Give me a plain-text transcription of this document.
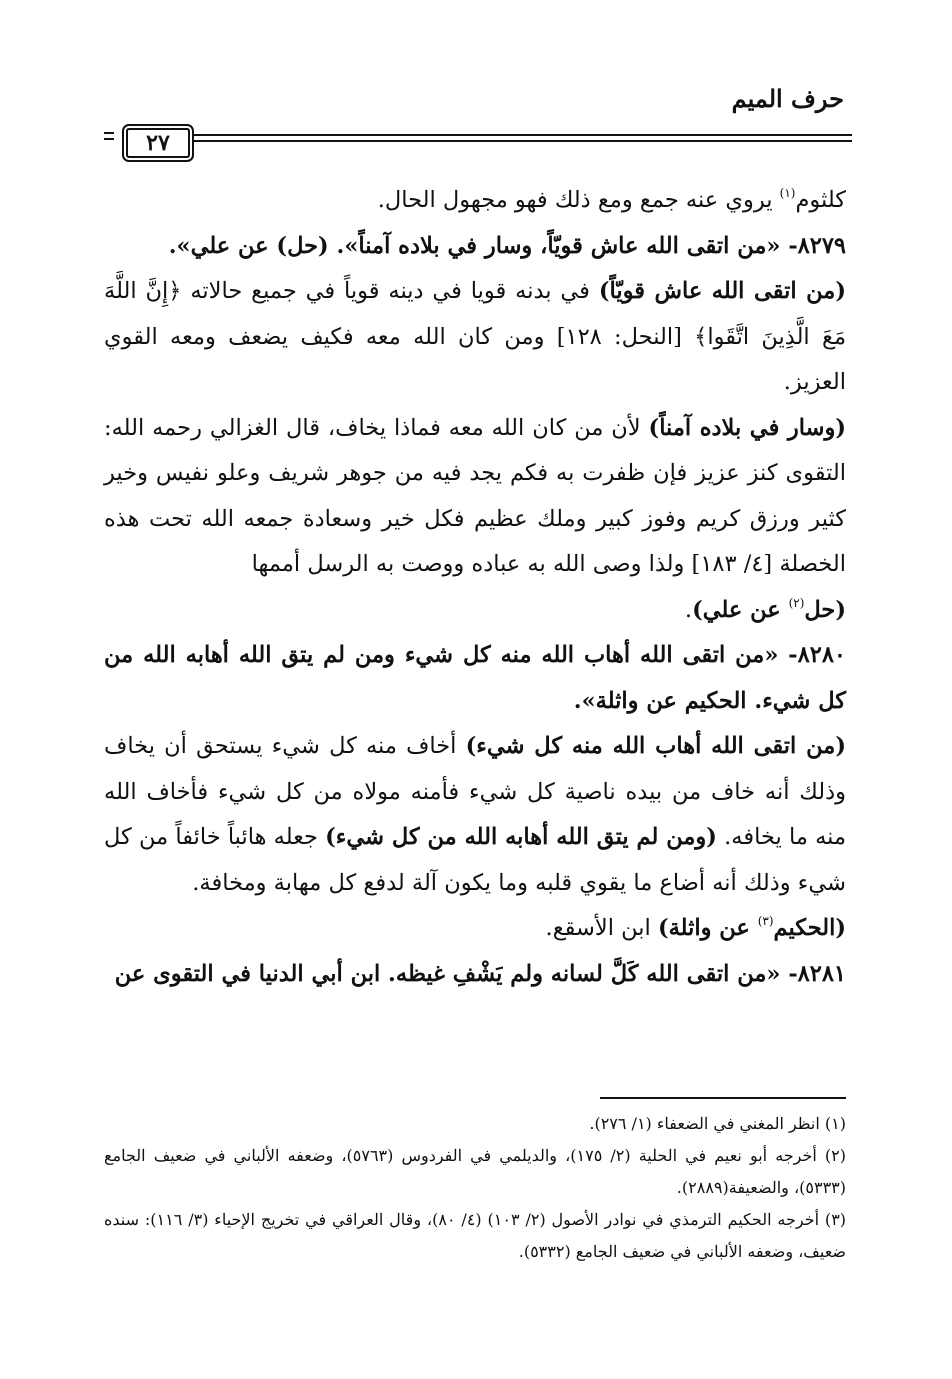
حرف الميم
٢٧

كلثوم$^{(١)}$ يروي عنه جمع ومع ذلك فهو مجهول الحال.

٨٢٧٩- «من اتقى الله عاش قويّاً، وسار في بلاده آمناً». (حل) عن علي».

(من اتقى الله عاش قويّاً) في بدنه قويا في دينه قوياً في جميع حالاته ﴿إِنَّ اللَّهَ مَعَ الَّذِينَ اتَّقَوا﴾ [النحل: ١٢٨] ومن كان الله معه فكيف يضعف ومعه القوي العزيز.

(وسار في بلاده آمناً) لأن من كان الله معه فماذا يخاف، قال الغزالي رحمه الله: التقوى كنز عزيز فإن ظفرت به فكم يجد فيه من جوهر شريف وعلو نفيس وخير كثير ورزق كريم وفوز كبير وملك عظيم فكل خير وسعادة جمعه الله تحت هذه الخصلة [٤/ ١٨٣] ولذا وصى الله به عباده ووصت به الرسل أممها

(حل$^{(٢)}$ عن علي).

٨٢٨٠- «من اتقى الله أهاب الله منه كل شيء ومن لم يتق الله أهابه الله من كل شيء. الحكيم عن واثلة».

(من اتقى الله أهاب الله منه كل شيء) أخاف منه كل شيء يستحق أن يخاف وذلك أنه خاف من بيده ناصية كل شيء فأمنه مولاه من كل شيء فأخاف الله منه ما يخافه. (ومن لم يتق الله أهابه الله من كل شيء) جعله هائباً خائفاً من كل شيء وذلك أنه أضاع ما يقوي قلبه وما يكون آلة لدفع كل مهابة ومخافة.

(الحكيم$^{(٣)}$ عن واثلة) ابن الأسقع.

٨٢٨١- «من اتقى الله كَلَّ لسانه ولم يَشْفِ غيظه. ابن أبي الدنيا في التقوى عن

(١) انظر المغني في الضعفاء (١/ ٢٧٦).

(٢) أخرجه أبو نعيم في الحلية (٢/ ١٧٥)، والديلمي في الفردوس (٥٧٦٣)، وضعفه الألباني في ضعيف الجامع (٥٣٣٣)، والضعيفة(٢٨٨٩).

(٣) أخرجه الحكيم الترمذي في نوادر الأصول (٢/ ١٠٣) (٤/ ٨٠)، وقال العراقي في تخريج الإحياء (٣/ ١١٦): سنده ضعيف، وضعفه الألباني في ضعيف الجامع (٥٣٣٢).
